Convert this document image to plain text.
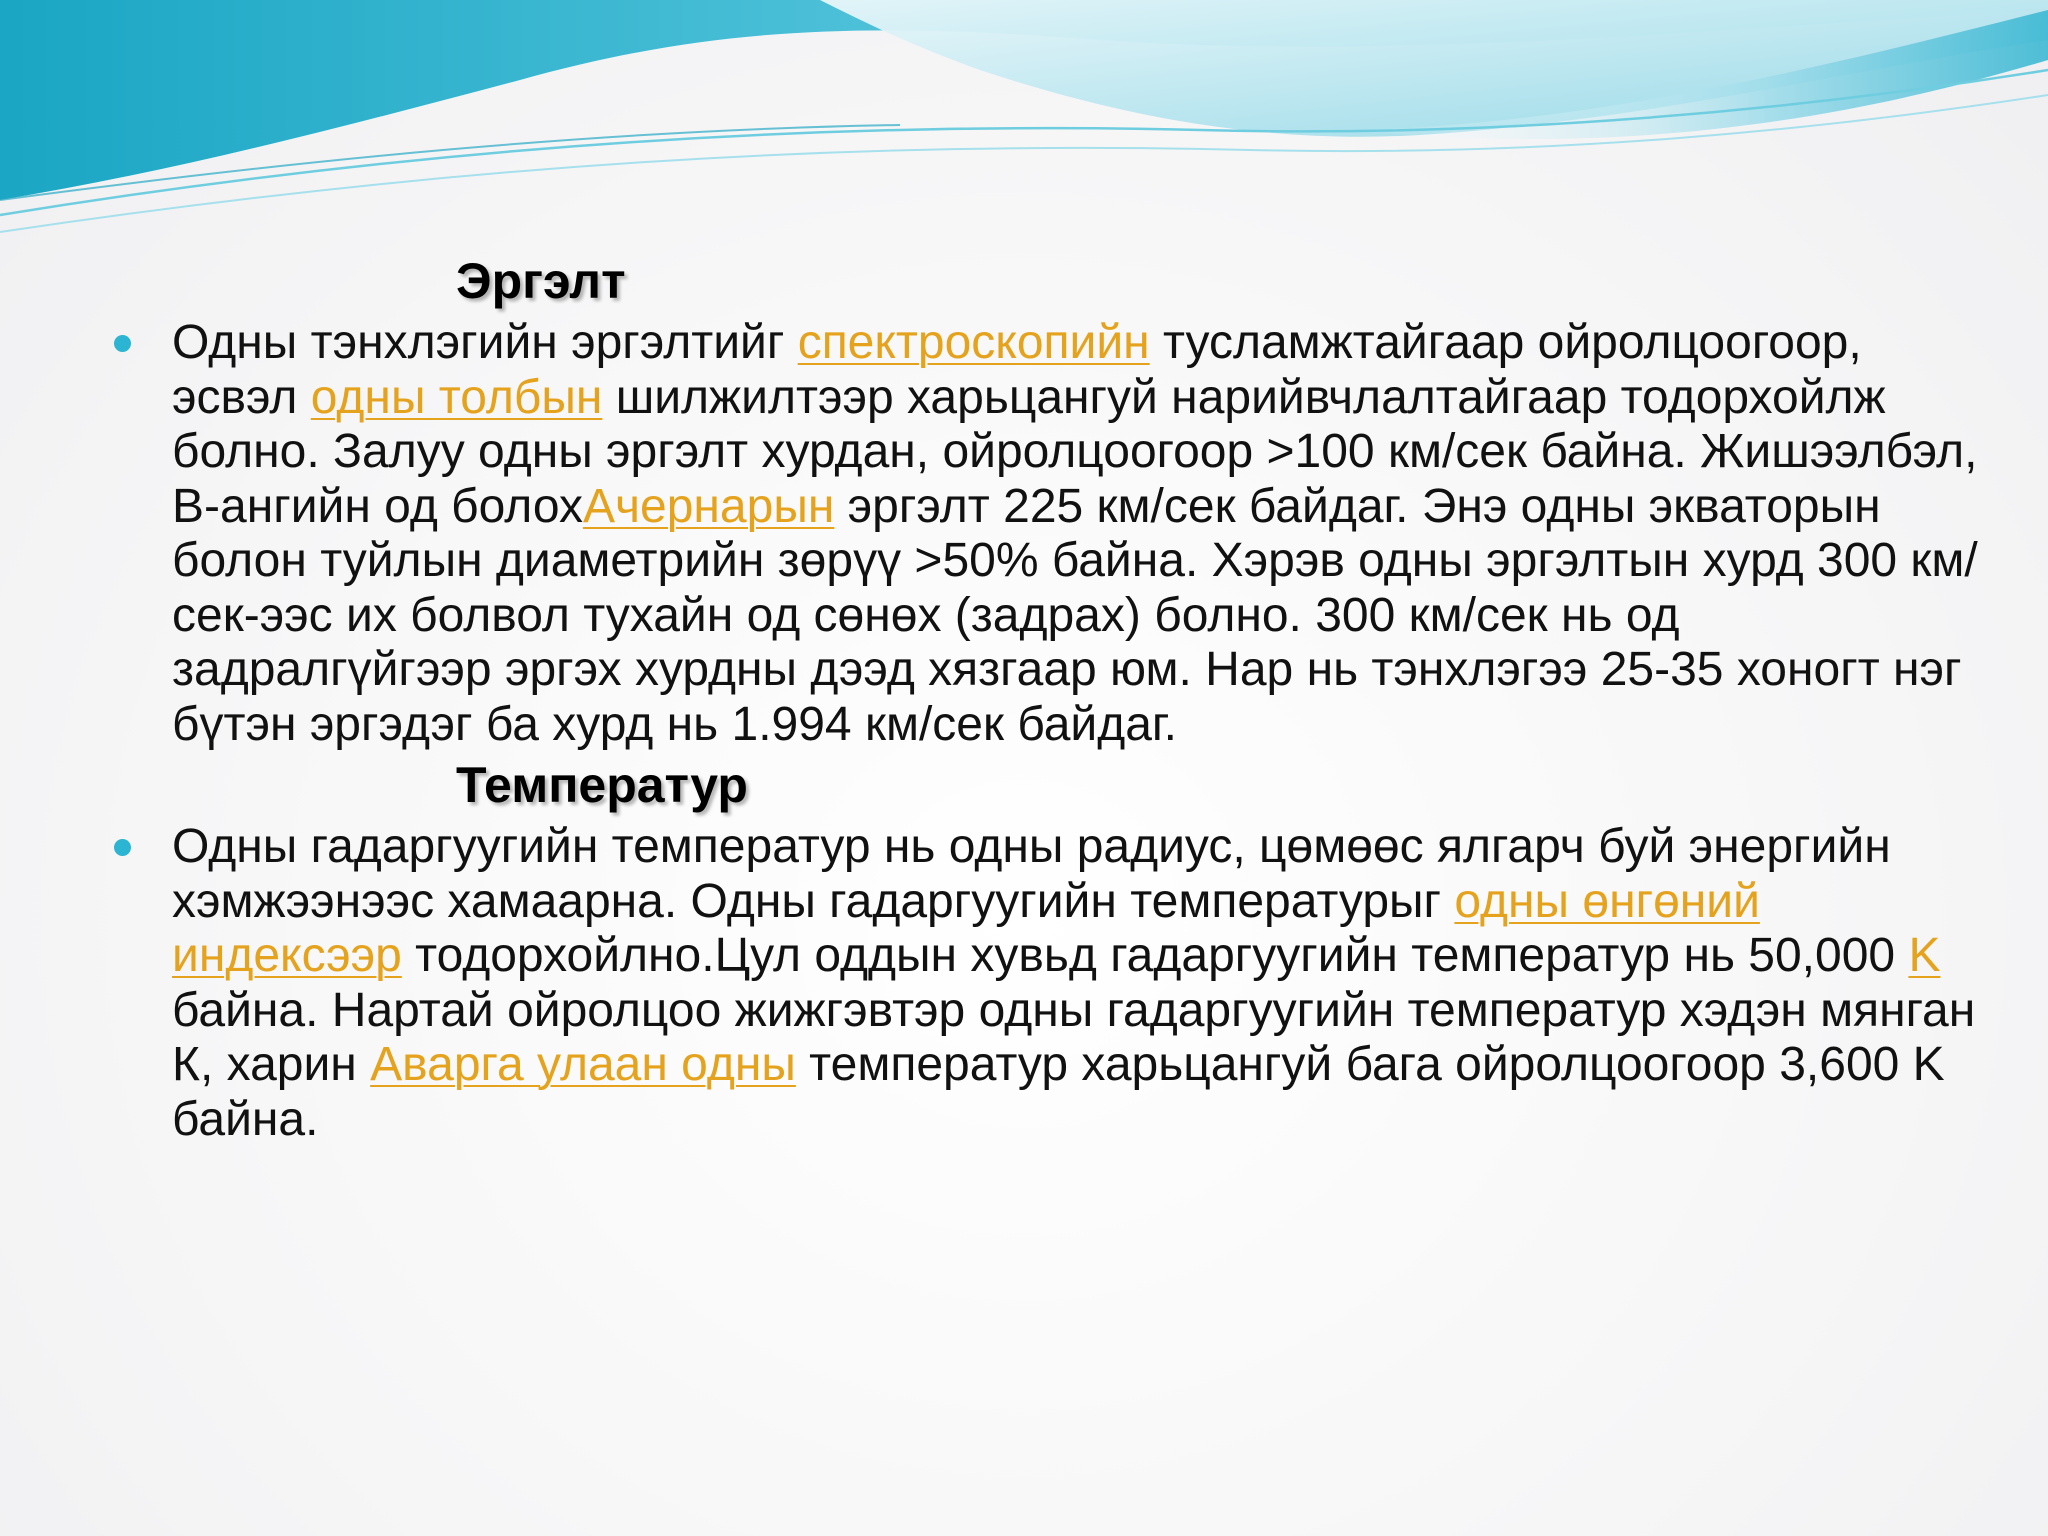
Эргэлт
Одны тэнхлэгийн эргэлтийг спектроскопийн тусламжтайгаар ойролцоогоор, эсвэл одны толбын шилжилтээр харьцангуй нарийвчлалтайгаар тодорхойлж болно. Залуу одны эргэлт хурдан, ойролцоогоор >100 км/сек байна. Жишээлбэл, B-ангийн од болохАчернарын эргэлт 225 км/сек байдаг. Энэ одны экваторын болон туйлын диаметрийн зөрүү >50% байна. Хэрэв одны эргэлтын хурд 300 км/сек-ээс их болвол тухайн од сөнөх (задрах) болно. 300 км/сек нь од задралгүйгээр эргэх хурдны дээд хязгаар юм. Нар нь тэнхлэгээ 25-35 хоногт нэг бүтэн эргэдэг ба хурд нь 1.994 км/сек байдаг.
Температур
Одны гадаргуугийн температур нь одны радиус, цөмөөс ялгарч буй энергийн хэмжээнээс хамаарна. Одны гадаргуугийн температурыг одны өнгөний индексээр тодорхойлно.Цул оддын хувьд гадаргуугийн температур нь 50,000 K байна. Нартай ойролцоо жижгэвтэр одны гадаргуугийн температур хэдэн мянган К, харин Аварга улаан одны температур харьцангуй бага ойролцоогоор 3,600 K байна.
